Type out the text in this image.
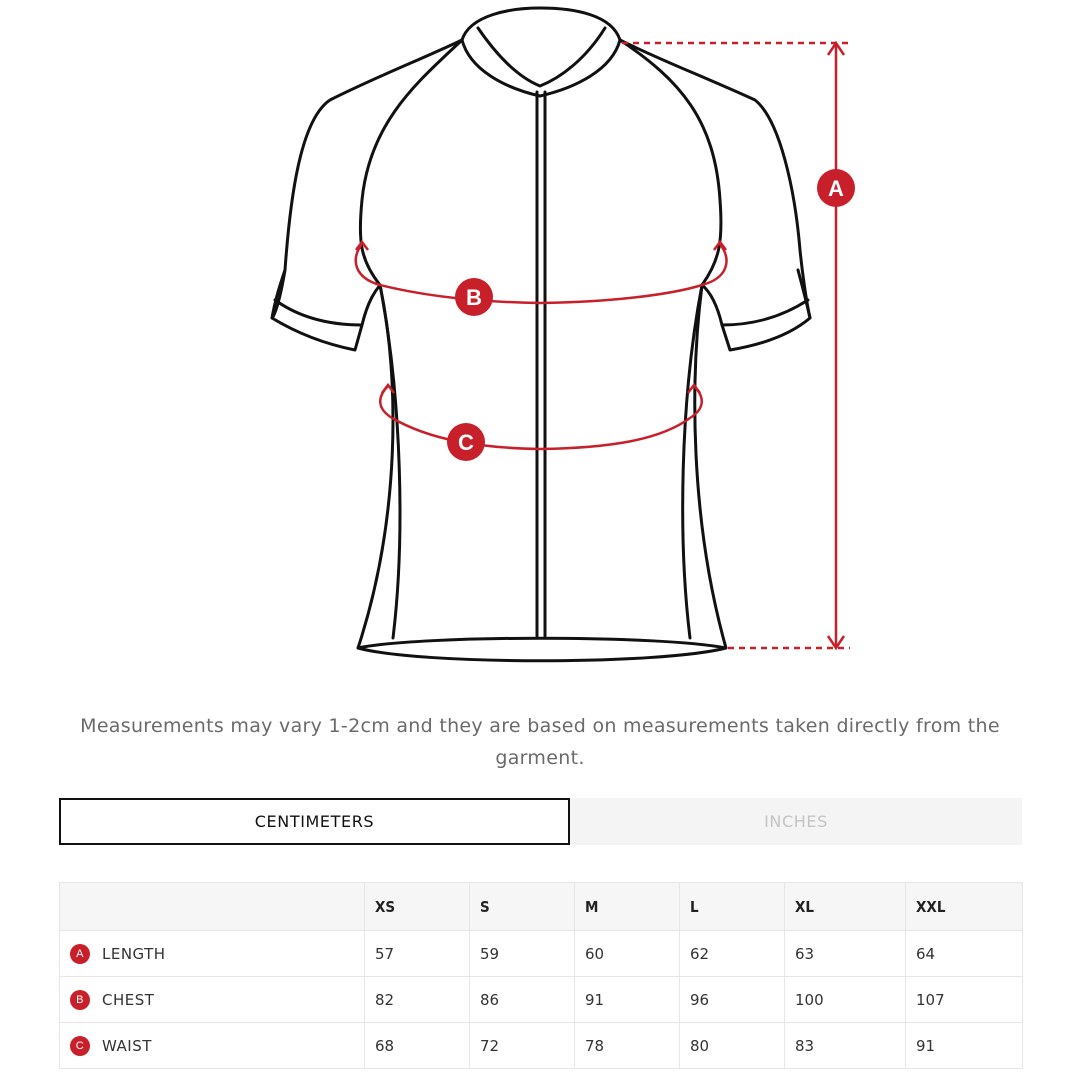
A
B
C
Measurements may vary 1-2cm and they are based on measurements taken directly from the garment.
CENTIMETERS	INCHES
	XS	S	M	L	XL	XXL

A LENGTH	57	59	60	62	63	64

B CHEST	82	86	91	96	100	107

C WAIST	68	72	78	80	83	91
